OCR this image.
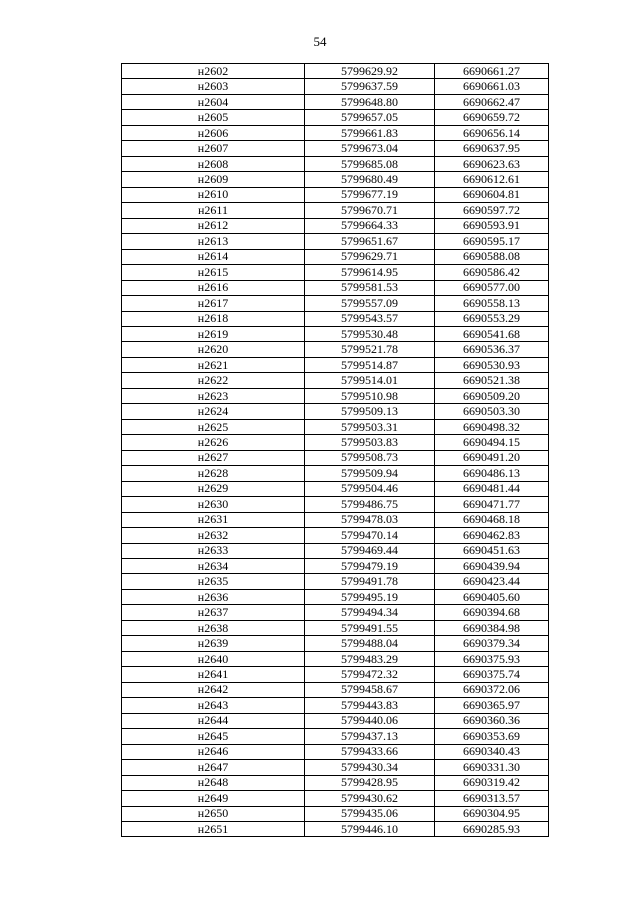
54
н2602	5799629.92	6690661.27
н2603	5799637.59	6690661.03
н2604	5799648.80	6690662.47
н2605	5799657.05	6690659.72
н2606	5799661.83	6690656.14
н2607	5799673.04	6690637.95
н2608	5799685.08	6690623.63
н2609	5799680.49	6690612.61
н2610	5799677.19	6690604.81
н2611	5799670.71	6690597.72
н2612	5799664.33	6690593.91
н2613	5799651.67	6690595.17
н2614	5799629.71	6690588.08
н2615	5799614.95	6690586.42
н2616	5799581.53	6690577.00
н2617	5799557.09	6690558.13
н2618	5799543.57	6690553.29
н2619	5799530.48	6690541.68
н2620	5799521.78	6690536.37
н2621	5799514.87	6690530.93
н2622	5799514.01	6690521.38
н2623	5799510.98	6690509.20
н2624	5799509.13	6690503.30
н2625	5799503.31	6690498.32
н2626	5799503.83	6690494.15
н2627	5799508.73	6690491.20
н2628	5799509.94	6690486.13
н2629	5799504.46	6690481.44
н2630	5799486.75	6690471.77
н2631	5799478.03	6690468.18
н2632	5799470.14	6690462.83
н2633	5799469.44	6690451.63
н2634	5799479.19	6690439.94
н2635	5799491.78	6690423.44
н2636	5799495.19	6690405.60
н2637	5799494.34	6690394.68
н2638	5799491.55	6690384.98
н2639	5799488.04	6690379.34
н2640	5799483.29	6690375.93
н2641	5799472.32	6690375.74
н2642	5799458.67	6690372.06
н2643	5799443.83	6690365.97
н2644	5799440.06	6690360.36
н2645	5799437.13	6690353.69
н2646	5799433.66	6690340.43
н2647	5799430.34	6690331.30
н2648	5799428.95	6690319.42
н2649	5799430.62	6690313.57
н2650	5799435.06	6690304.95
н2651	5799446.10	6690285.93
